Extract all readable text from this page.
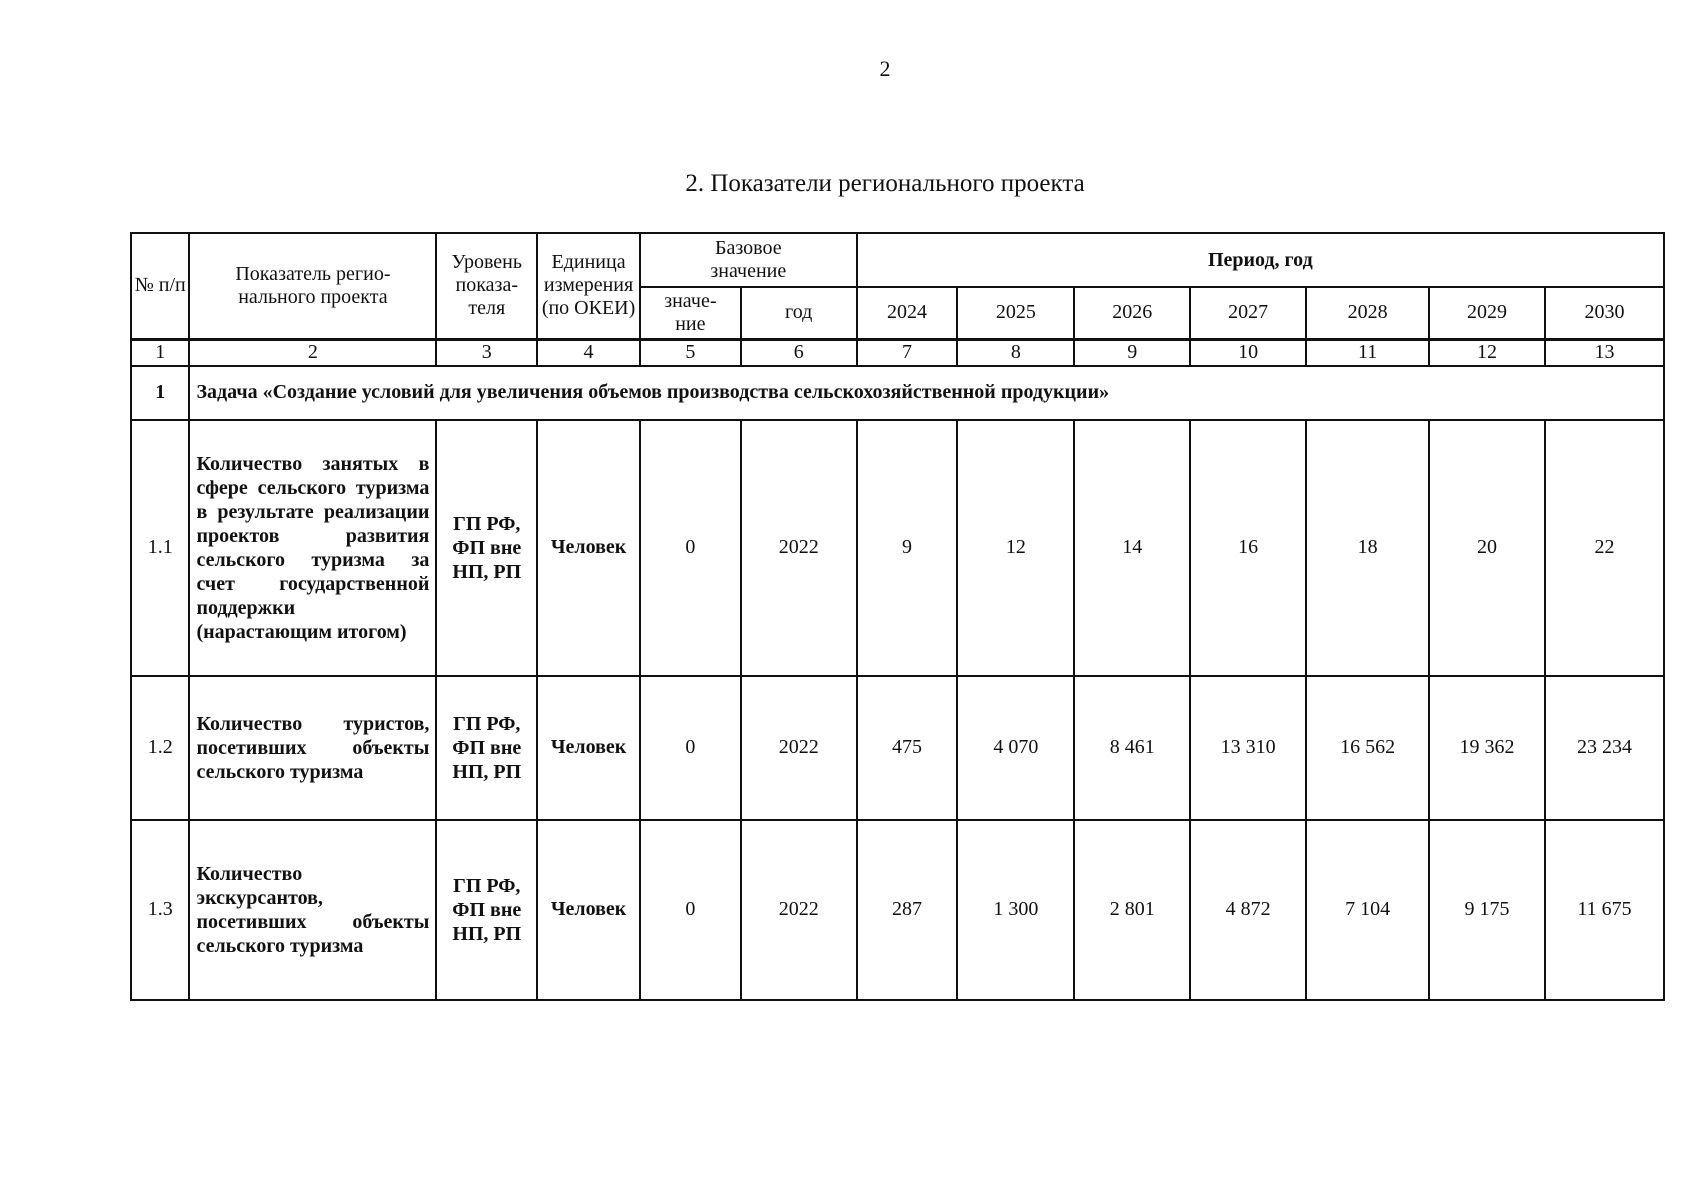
2
2. Показатели регионального проекта
№ п/п	Показатель регио- нального проекта	Уровень показа- теля	Единица измерения (по ОКЕИ)	Базовое значение		Период, год						
				значе- ние	год	2024	2025	2026	2027	2028	2029	2030
1	2	3	4	5	6	7	8	9	10	11	12	13
1	Задача «Создание условий для увеличения объемов производства сельскохозяйственной продукции»											
1.1	Количество занятых в сфере сельского туризма в результате реализации проектов развития сельского туризма за счет государственной поддержки (нарастающим итогом)	ГП РФ, ФП вне НП, РП	Человек	0	2022	9	12	14	16	18	20	22
1.2	Количество туристов, посетивших объекты сельского туризма	ГП РФ, ФП вне НП, РП	Человек	0	2022	475	4 070	8 461	13 310	16 562	19 362	23 234
1.3	Количество экскурсантов, посетивших объекты сельского туризма	ГП РФ, ФП вне НП, РП	Человек	0	2022	287	1 300	2 801	4 872	7 104	9 175	11 675
